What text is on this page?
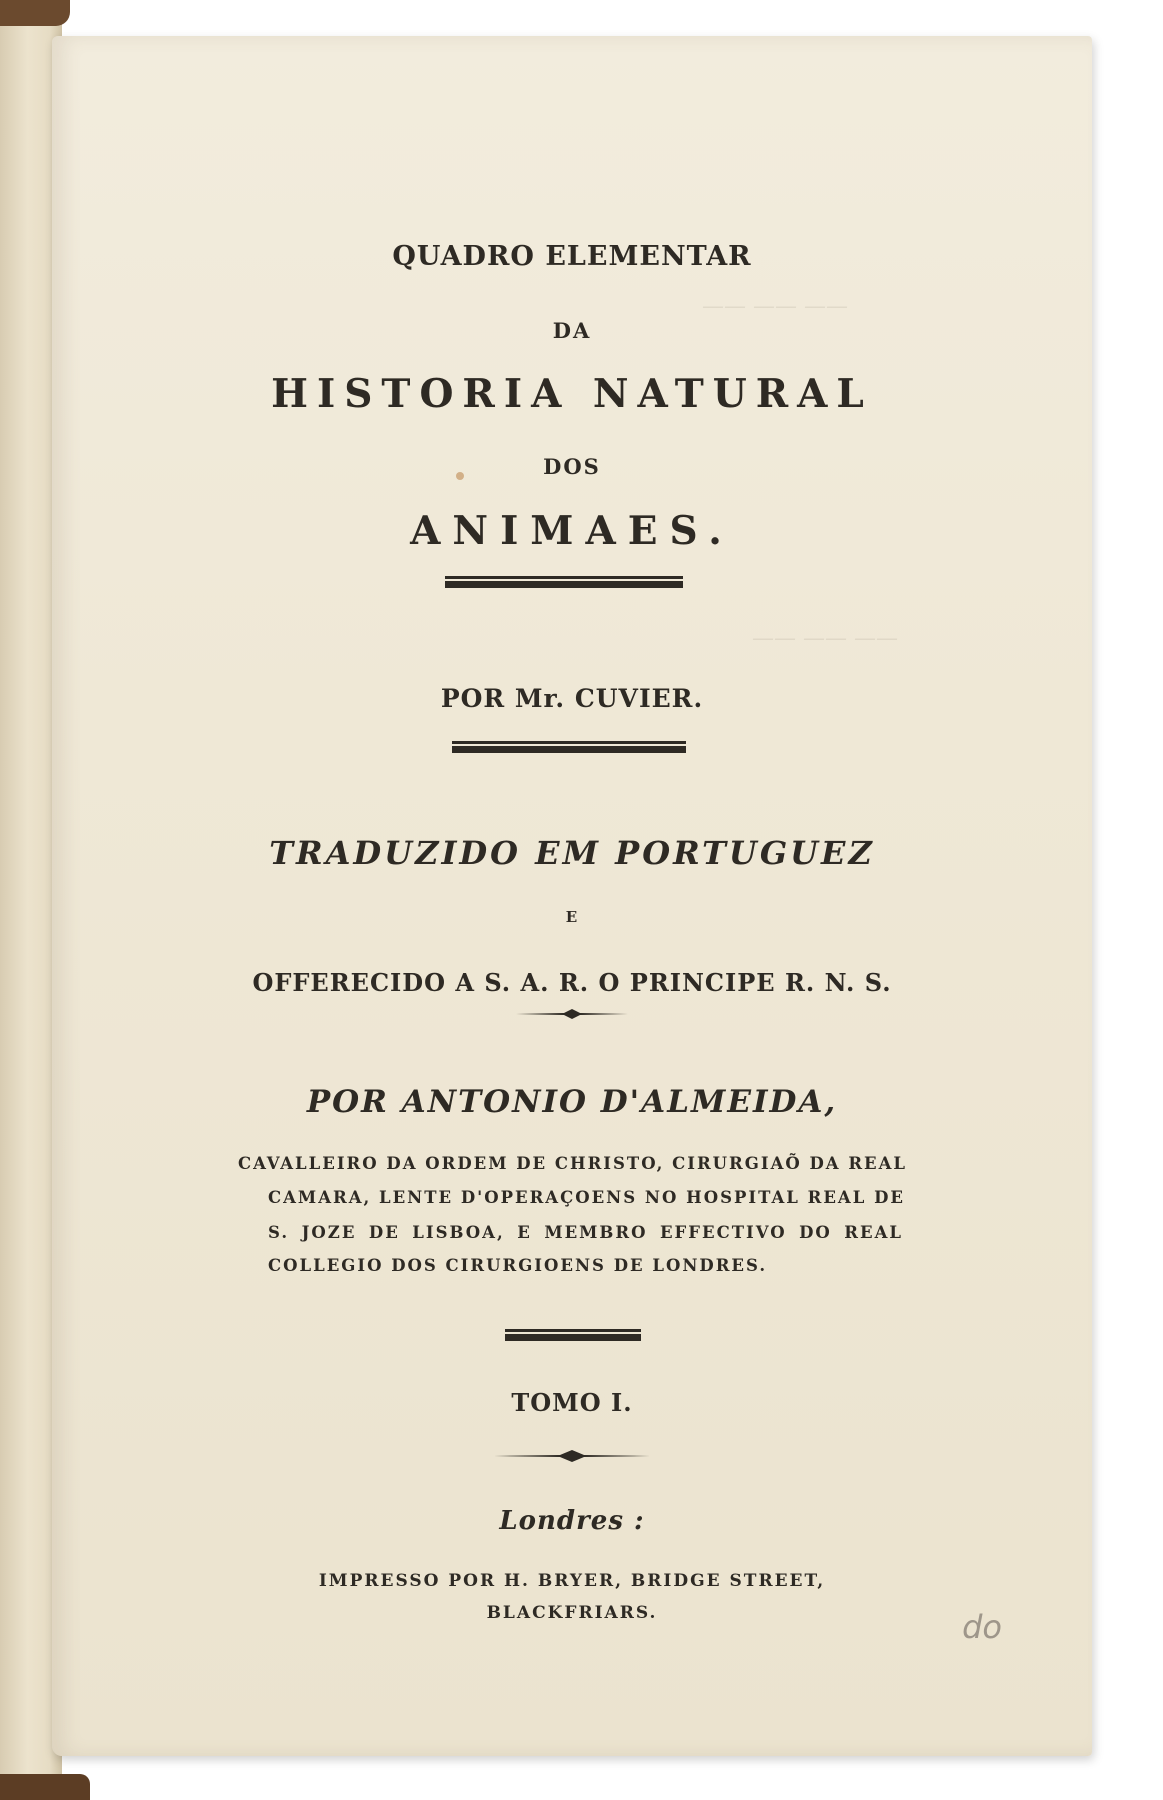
—— —— ——
—— —— ——
QUADRO ELEMENTAR
DA
HISTORIA NATURAL
DOS
ANIMAES.
POR Mr. CUVIER.
TRADUZIDO EM PORTUGUEZ
E
OFFERECIDO A S. A. R. O PRINCIPE R. N. S.
POR ANTONIO D'ALMEIDA,
CAVALLEIRO DA ORDEM DE CHRISTO, CIRURGIAÕ DA REAL
CAMARA, LENTE D'OPERAÇOENS NO HOSPITAL REAL DE
S. JOZE DE LISBOA, E MEMBRO EFFECTIVO DO REAL
COLLEGIO DOS CIRURGIOENS DE LONDRES.
TOMO I.
Londres :
IMPRESSO POR H. BRYER, BRIDGE STREET,
BLACKFRIARS.	do
